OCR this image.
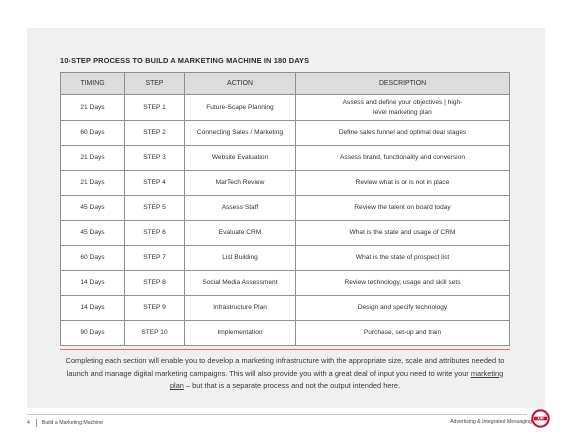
10-STEP PROCESS TO BUILD A MARKETING MACHINE IN 180 DAYS
TIMING	STEP	ACTION	DESCRIPTION
21 Days	STEP 1	Future-Scape Planning	Assess and define your objectives | high-level marketing plan
60 Days	STEP 2	Connecting Sales / Marketing	Define sales funnel and optimal deal stages
21 Days	STEP 3	Website Evaluation	Assess brand, functionality and conversion
21 Days	STEP 4	MarTech Review	Review what is or is not in place
45 Days	STEP 5	Assess Staff	Review the talent on board today
45 Days	STEP 6	Evaluate CRM	What is the state and usage of CRM
60 Days	STEP 7	List Building	What is the state of prospect list
14 Days	STEP 8	Social Media Assessment	Review technology, usage and skill sets
14 Days	STEP 9	Infrastructure Plan	Design and specify technology
90 Days	STEP 10	Implementation	Purchase, set-up and train

Completing each section will enable you to develop a marketing infrastructure with the appropriate size, scale and attributes needed to launch and manage digital marketing campaigns. This will also provide you with a great deal of input you need to write your marketing plan – but that is a separate process and not the output intended here.

4 Build a Marketing Machine	Advertising & Integrated Messaging
AIM
